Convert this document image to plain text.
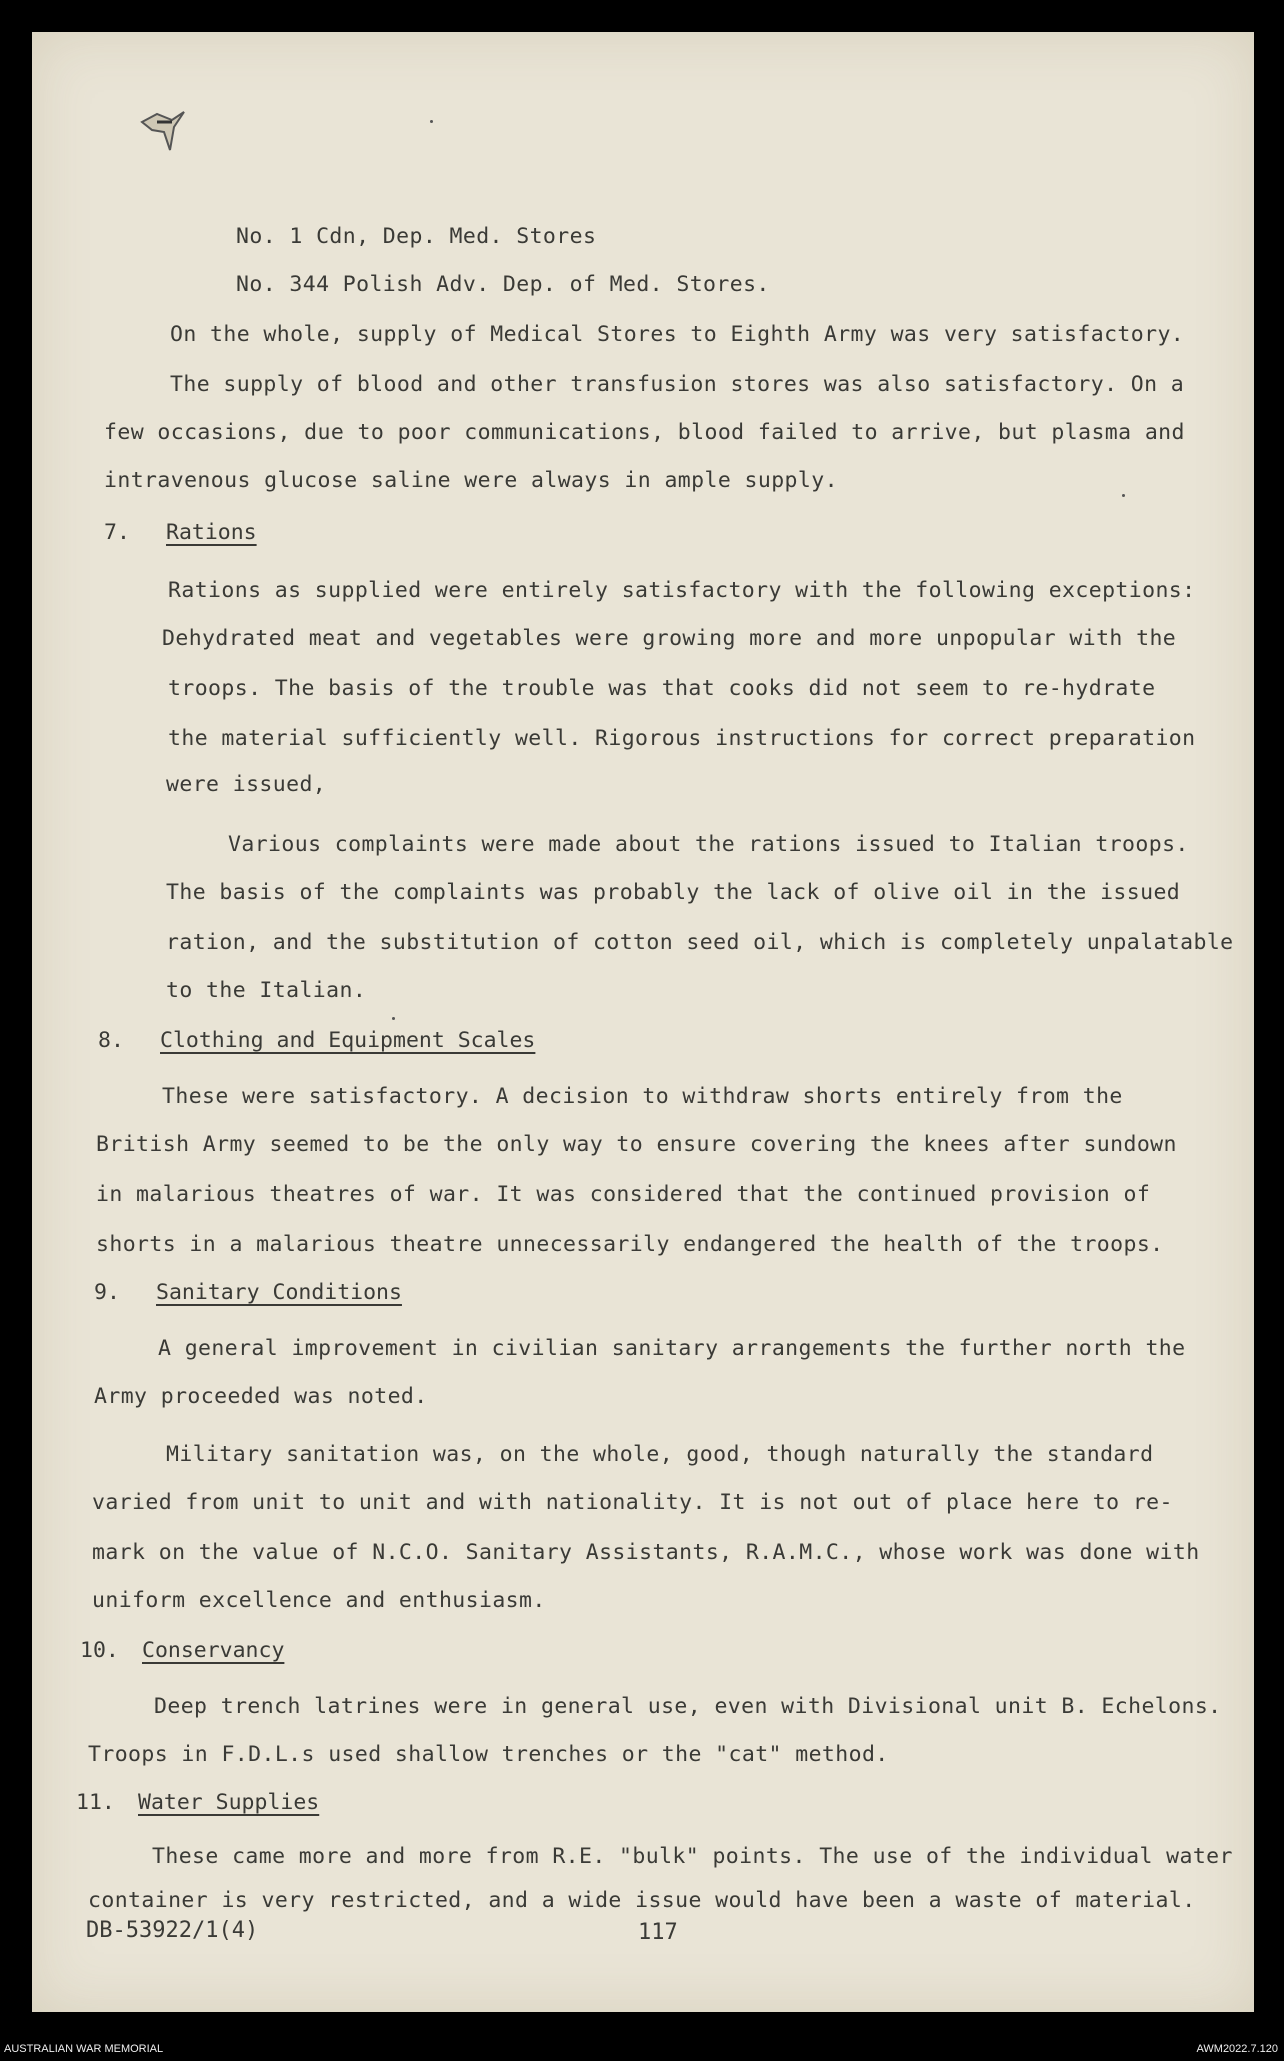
No. 1 Cdn, Dep. Med. Stores
No. 344 Polish Adv. Dep. of Med. Stores.
On the whole, supply of Medical Stores to Eighth Army was very satisfactory.
The supply of blood and other transfusion stores was also satisfactory. On a
few occasions, due to poor communications, blood failed to arrive, but plasma and
intravenous glucose saline were always in ample supply.
7. Rations
Rations as supplied were entirely satisfactory with the following exceptions:
Dehydrated meat and vegetables were growing more and more unpopular with the
troops. The basis of the trouble was that cooks did not seem to re-hydrate
the material sufficiently well. Rigorous instructions for correct preparation
were issued,
Various complaints were made about the rations issued to Italian troops.
The basis of the complaints was probably the lack of olive oil in the issued
ration, and the substitution of cotton seed oil, which is completely unpalatable
to the Italian.
8. Clothing and Equipment Scales
These were satisfactory. A decision to withdraw shorts entirely from the
British Army seemed to be the only way to ensure covering the knees after sundown
in malarious theatres of war. It was considered that the continued provision of
shorts in a malarious theatre unnecessarily endangered the health of the troops.
9. Sanitary Conditions
A general improvement in civilian sanitary arrangements the further north the
Army proceeded was noted.
Military sanitation was, on the whole, good, though naturally the standard
varied from unit to unit and with nationality. It is not out of place here to re-
mark on the value of N.C.O. Sanitary Assistants, R.A.M.C., whose work was done with
uniform excellence and enthusiasm.
10. Conservancy
Deep trench latrines were in general use, even with Divisional unit B. Echelons.
Troops in F.D.L.s used shallow trenches or the "cat" method.
11. Water Supplies
These came more and more from R.E. "bulk" points. The use of the individual water
container is very restricted, and a wide issue would have been a waste of material.
DB-53922/1(4)	117
AUSTRALIAN WAR MEMORIAL	AWM2022.7.120
